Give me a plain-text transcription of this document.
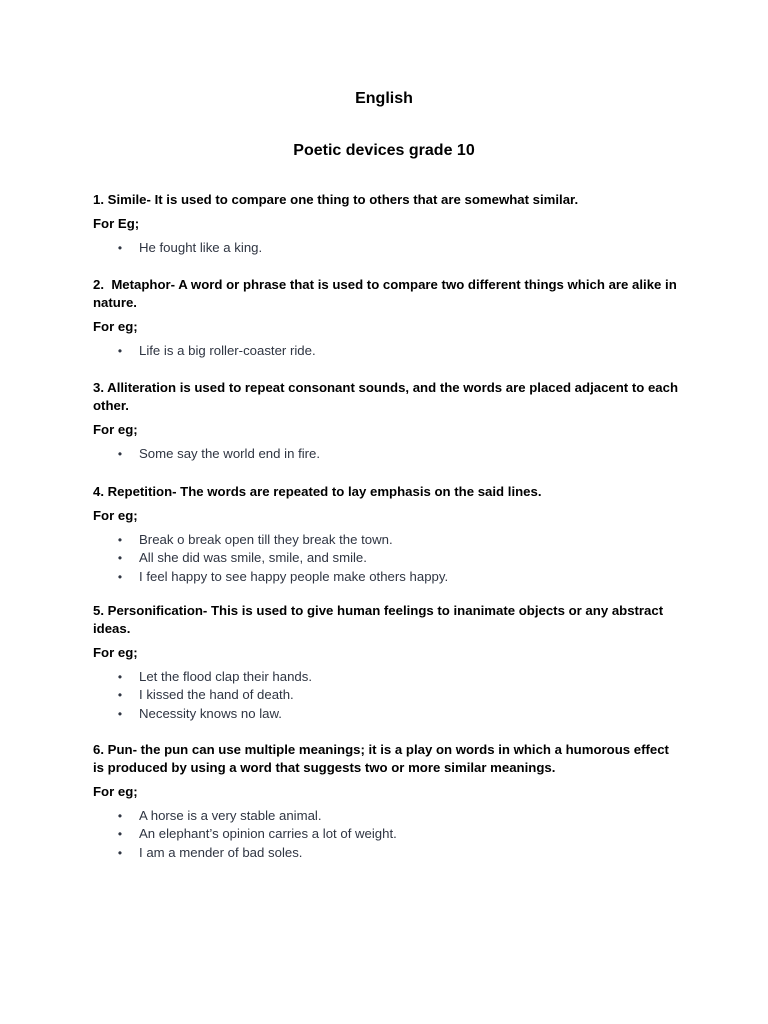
English
Poetic devices grade 10

1. Simile- It is used to compare one thing to others that are somewhat similar.

For Eg;

• He fought like a king.

2.  Metaphor- A word or phrase that is used to compare two different things which are alike in nature.

For eg;

• Life is a big roller-coaster ride.

3. Alliteration is used to repeat consonant sounds, and the words are placed adjacent to each other.

For eg;

• Some say the world end in fire.

4. Repetition- The words are repeated to lay emphasis on the said lines.

For eg;

• Break o break open till they break the town.
• All she did was smile, smile, and smile.
• I feel happy to see happy people make others happy.

5. Personification- This is used to give human feelings to inanimate objects or any abstract ideas.

For eg;

• Let the flood clap their hands.
• I kissed the hand of death.
• Necessity knows no law.

6. Pun- the pun can use multiple meanings; it is a play on words in which a humorous effect is produced by using a word that suggests two or more similar meanings.

For eg;

• A horse is a very stable animal.
• An elephant’s opinion carries a lot of weight.
• I am a mender of bad soles.
